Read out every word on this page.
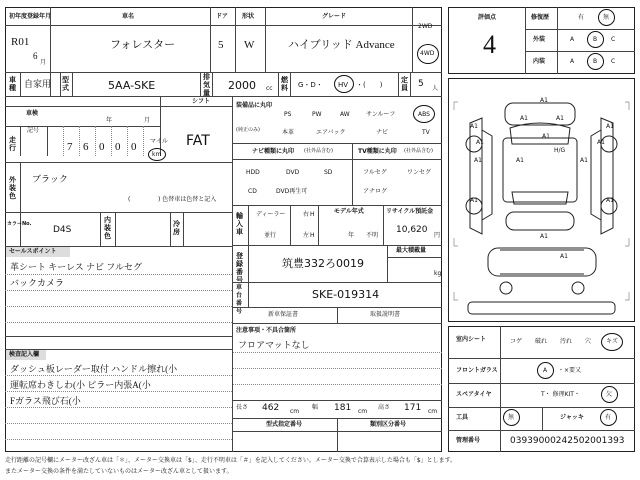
初年度登録年月
R01
6
月
車名
フォレスター
ドア
5
形状
W
グレード
ハイブリッド Advance
2WD
4WD
車種 自家用 型式	5AA-SKE
排気量
2000 cc
燃料 G・D・ HV ・(　　)
定員 5 人
シフト
FAT
車検
年	月
記号
走行	7 6 0 0 0 マイル
km
外装色
ブラック
(	) 色替車は色替と記入
カラーNo.
D4S
内装色
冷房
セールスポイント
革シート キーレス ナビ フルセグ
バックカメラ
検査記入欄
ダッシュ板レーダー取付 ハンドル擦れ(小
運転席わきしわ(小 ピラー内張A(小
Fガラス飛び石(小
装備品に丸印
(純正のみ)
PS	PW	AW	サンルーフ	ABS
本革	エアバック	ナビ	TV
ナビ種類に丸印 (社外品含む)	TV種類に丸印 (社外品含む)
HDD	DVD	SD
CD	DVD再生可
フルセグ	ワンセグ
アナログ
輸入車
ディーラー
並行
右 H
左 H
モデル年式
年 不明
リサイクル預託金
10,620
円
登録番号
筑豊332ろ0019
最大積載量
kg
車台番号
SKE-019314
新車保証書	取扱説明書
注意事項・不具合箇所
フロアマットなし
長さ 462 cm
幅 181 cm
高さ 171 cm
型式指定番号	類別区分番号
評価点
4
修復歴	有	無
外装	A	B C
内装	A	B C
A1
A1	A1
A1	A1
A1	A1
A1	A1	A1
A1
H/G
A1	A1
A1
A1
室内シート	コゲ 破れ 汚れ 穴 キズ
フロントガラス	A ・×要又
スペアタイヤ	T・ 修理KIT・	欠
工具	無	ジャッキ	有
管理番号	03939000242502001393
走行距離の記号欄にメーター改ざん車は「＊」、メーター交換車は「$」、走行不明車は「＃」を記入してください。メーター交換で合算表示した場合も「$」とします。
またメーター交換の条件を満たしていないものはメーター改ざん車として扱います。
